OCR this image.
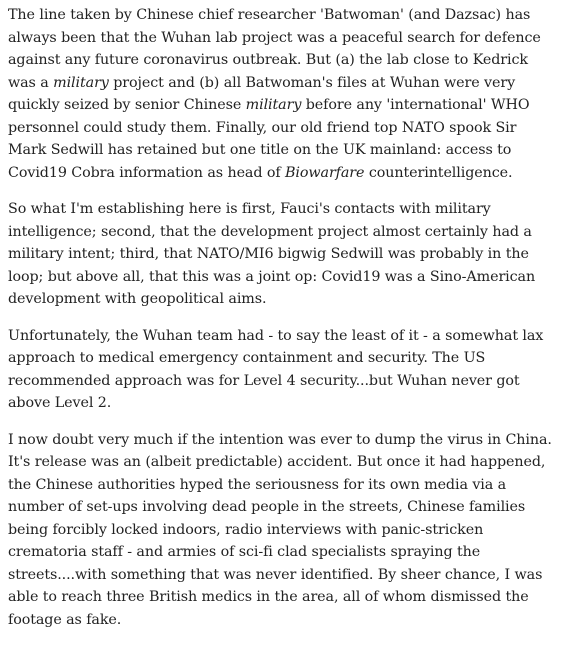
The line taken by Chinese chief researcher 'Batwoman' (and Dazsac) has always been that the Wuhan lab project was a peaceful search for defence against any future coronavirus outbreak. But (a) the lab close to Kedrick was a military project and (b) all Batwoman's files at Wuhan were very quickly seized by senior Chinese military before any 'international' WHO personnel could study them. Finally, our old friend top NATO spook Sir Mark Sedwill has retained but one title on the UK mainland: access to Covid19 Cobra information as head of Biowarfare counterintelligence.

So what I'm establishing here is first, Fauci's contacts with military intelligence; second, that the development project almost certainly had a military intent; third, that NATO/MI6 bigwig Sedwill was probably in the loop; but above all, that this was a joint op: Covid19 was a Sino-American development with geopolitical aims.

Unfortunately, the Wuhan team had - to say the least of it - a somewhat lax approach to medical emergency containment and security. The US recommended approach was for Level 4 security...but Wuhan never got above Level 2.

I now doubt very much if the intention was ever to dump the virus in China. It's release was an (albeit predictable) accident. But once it had happened, the Chinese authorities hyped the seriousness for its own media via a number of set-ups involving dead people in the streets, Chinese families being forcibly locked indoors, radio interviews with panic-stricken crematoria staff - and armies of sci-fi clad specialists spraying the streets....with something that was never identified. By sheer chance, I was able to reach three British medics in the area, all of whom dismissed the footage as fake.
